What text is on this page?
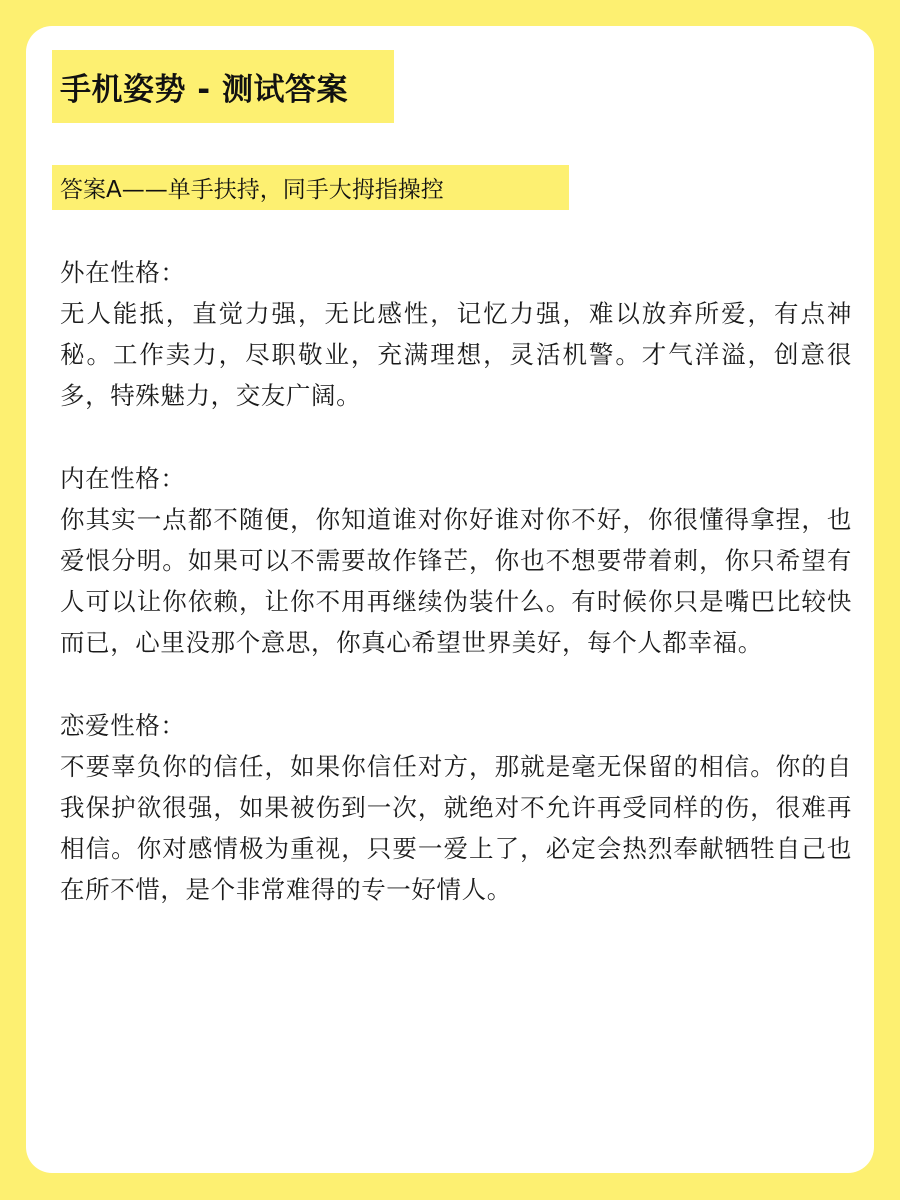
手机姿势 - 测试答案
答案A——单手扶持，同手大拇指操控

外在性格：

无人能抵，直觉力强，无比感性，记忆力强，难以放弃所爱，有点神秘。工作卖力，尽职敬业，充满理想，灵活机警。才气洋溢，创意很多，特殊魅力，交友广阔。

内在性格：

你其实一点都不随便，你知道谁对你好谁对你不好，你很懂得拿捏，也爱恨分明。如果可以不需要故作锋芒，你也不想要带着刺，你只希望有人可以让你依赖，让你不用再继续伪装什么。有时候你只是嘴巴比较快而已，心里没那个意思，你真心希望世界美好，每个人都幸福。

恋爱性格：

不要辜负你的信任，如果你信任对方，那就是毫无保留的相信。你的自我保护欲很强，如果被伤到一次，就绝对不允许再受同样的伤，很难再相信。你对感情极为重视，只要一爱上了，必定会热烈奉献牺牲自己也在所不惜，是个非常难得的专一好情人。
